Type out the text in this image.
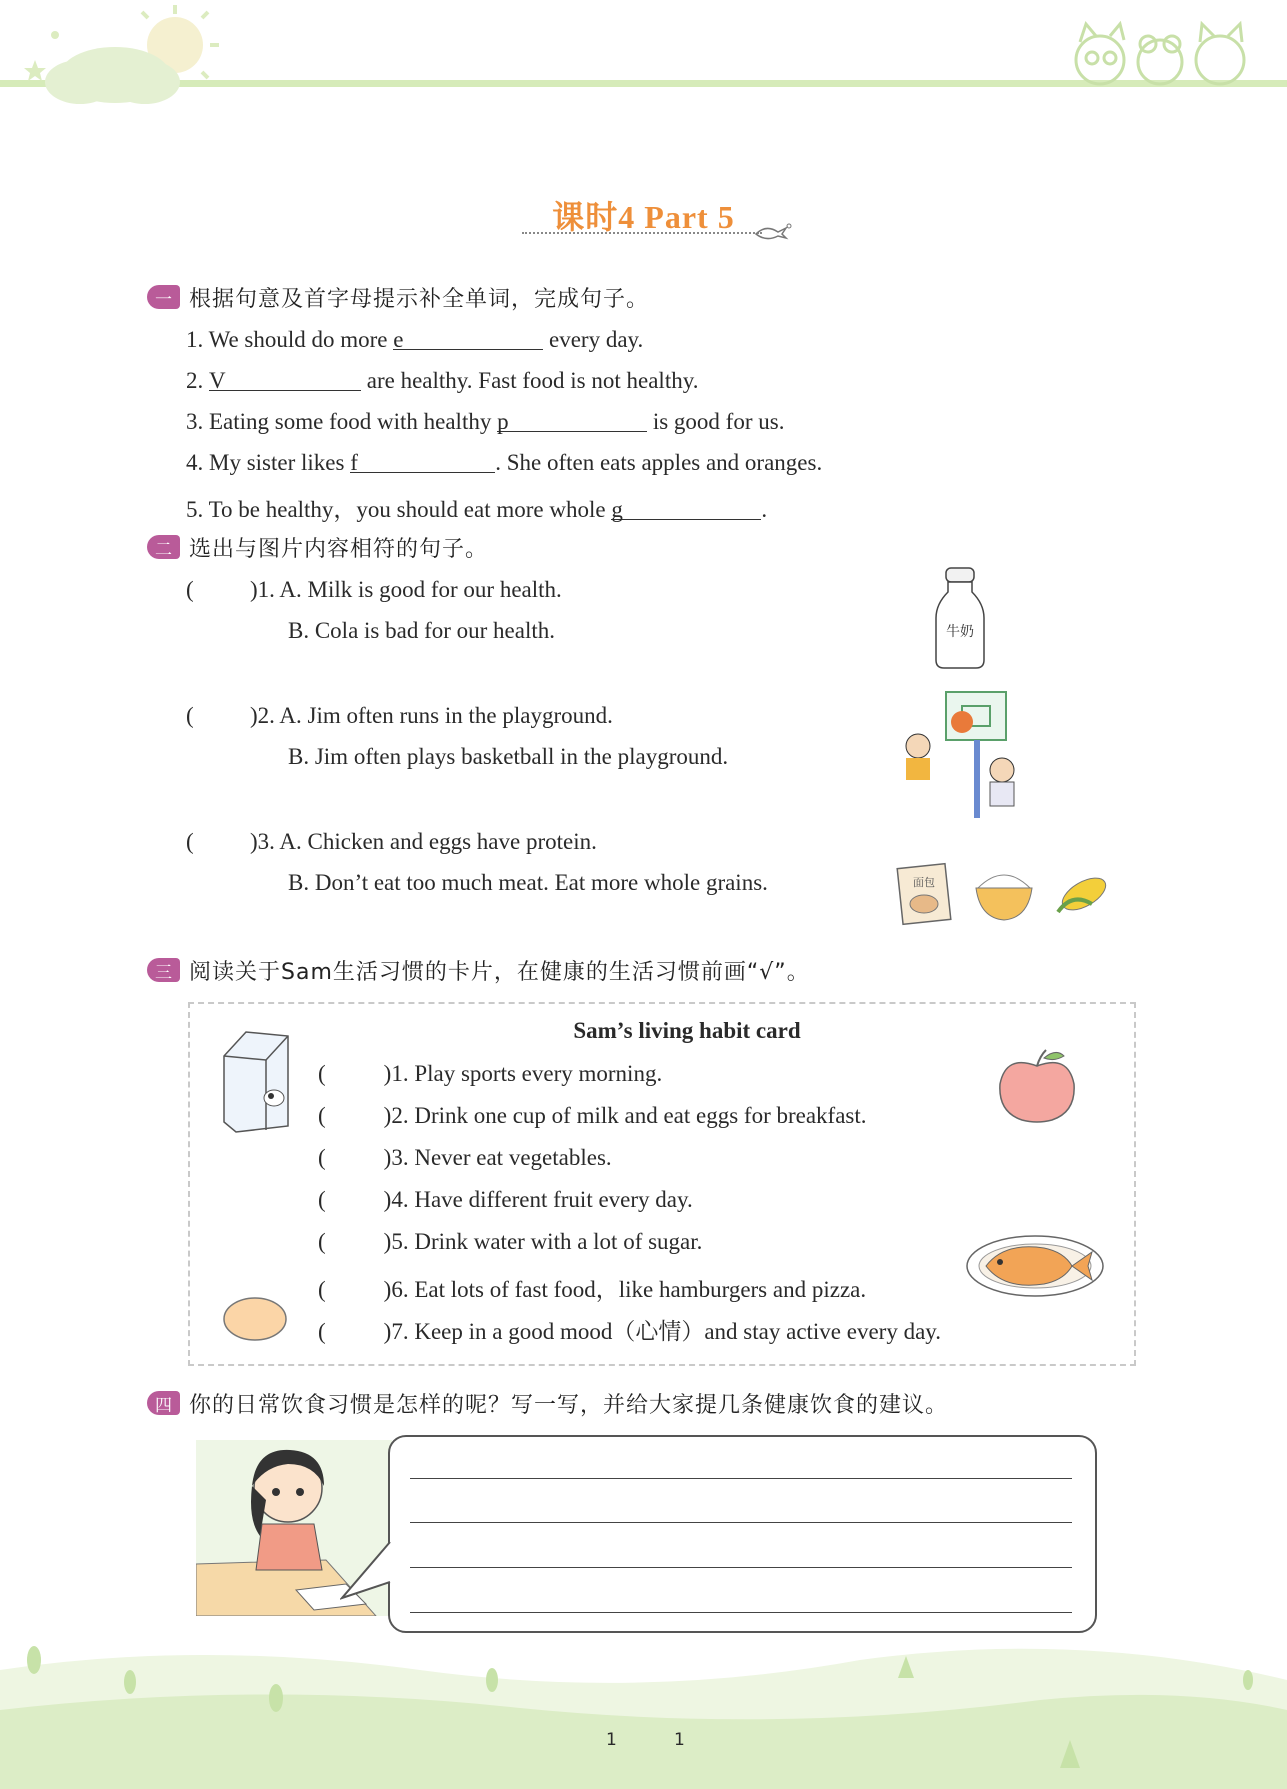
课时4 Part 5
一 根据句意及首字母提示补全单词，完成句子。
1. We should do more e	every day.
2. V	are healthy. Fast food is not healthy.
3. Eating some food with healthy p	is good for us.
4. My sister likes f	. She often eats apples and oranges.
5. To be healthy，you should eat more whole g	.
二 选出与图片内容相符的句子。
( )1. A. Milk is good for our health.
B. Cola is bad for our health.	牛奶
( )2. A. Jim often runs in the playground.
B. Jim often plays basketball in the playground.
( )3. A. Chicken and eggs have protein.
B. Don’t eat too much meat. Eat more whole grains.	面包
三 阅读关于Sam生活习惯的卡片，在健康的生活习惯前画“√”。
Sam’s living habit card
(	)1. Play sports every morning.
(	)2. Drink one cup of milk and eat eggs for breakfast.
(	)3. Never eat vegetables.
(	)4. Have different fruit every day.
(	)5. Drink water with a lot of sugar.
(	)6. Eat lots of fast food，like hamburgers and pizza.
(	)7. Keep in a good mood（心情）and stay active every day.
四 你的日常饮食习惯是怎样的呢？写一写，并给大家提几条健康饮食的建议。
1	1
